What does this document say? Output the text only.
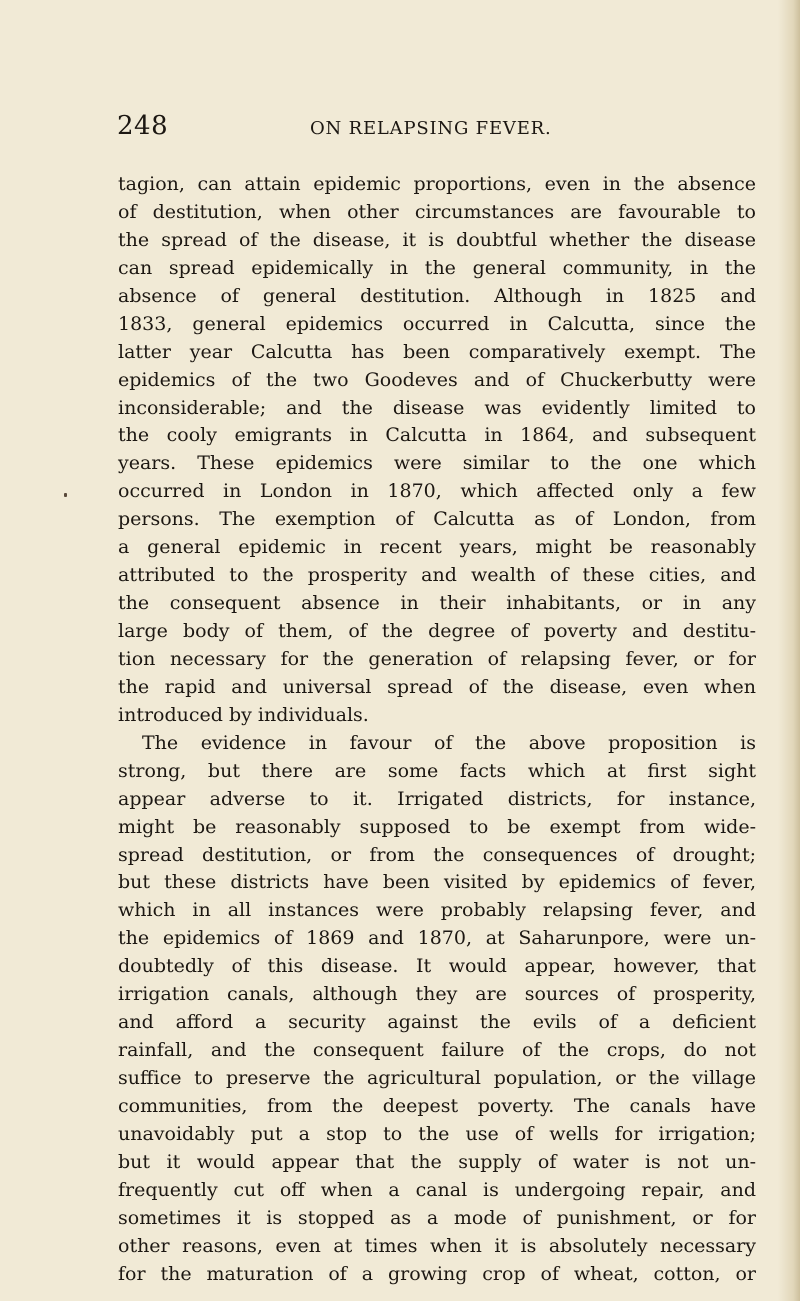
248	ON RELAPSING FEVER.
tagion, can attain epidemic proportions, even in the absence
of destitution, when other circumstances are favourable to
the spread of the disease, it is doubtful whether the disease
can spread epidemically in the general community, in the
absence of general destitution. Although in 1825 and
1833, general epidemics occurred in Calcutta, since the
latter year Calcutta has been comparatively exempt. The
epidemics of the two Goodeves and of Chuckerbutty were
inconsiderable; and the disease was evidently limited to
the cooly emigrants in Calcutta in 1864, and subsequent
years. These epidemics were similar to the one which
occurred in London in 1870, which affected only a few
persons. The exemption of Calcutta as of London, from
a general epidemic in recent years, might be reasonably
attributed to the prosperity and wealth of these cities, and
the consequent absence in their inhabitants, or in any
large body of them, of the degree of poverty and destitu-
tion necessary for the generation of relapsing fever, or for
the rapid and universal spread of the disease, even when
introduced by individuals.
The evidence in favour of the above proposition is
strong, but there are some facts which at first sight
appear adverse to it. Irrigated districts, for instance,
might be reasonably supposed to be exempt from wide-
spread destitution, or from the consequences of drought;
but these districts have been visited by epidemics of fever,
which in all instances were probably relapsing fever, and
the epidemics of 1869 and 1870, at Saharunpore, were un-
doubtedly of this disease. It would appear, however, that
irrigation canals, although they are sources of prosperity,
and afford a security against the evils of a deficient
rainfall, and the consequent failure of the crops, do not
suffice to preserve the agricultural population, or the village
communities, from the deepest poverty. The canals have
unavoidably put a stop to the use of wells for irrigation;
but it would appear that the supply of water is not un-
frequently cut off when a canal is undergoing repair, and
sometimes it is stopped as a mode of punishment, or for
other reasons, even at times when it is absolutely necessary
for the maturation of a growing crop of wheat, cotton, or
